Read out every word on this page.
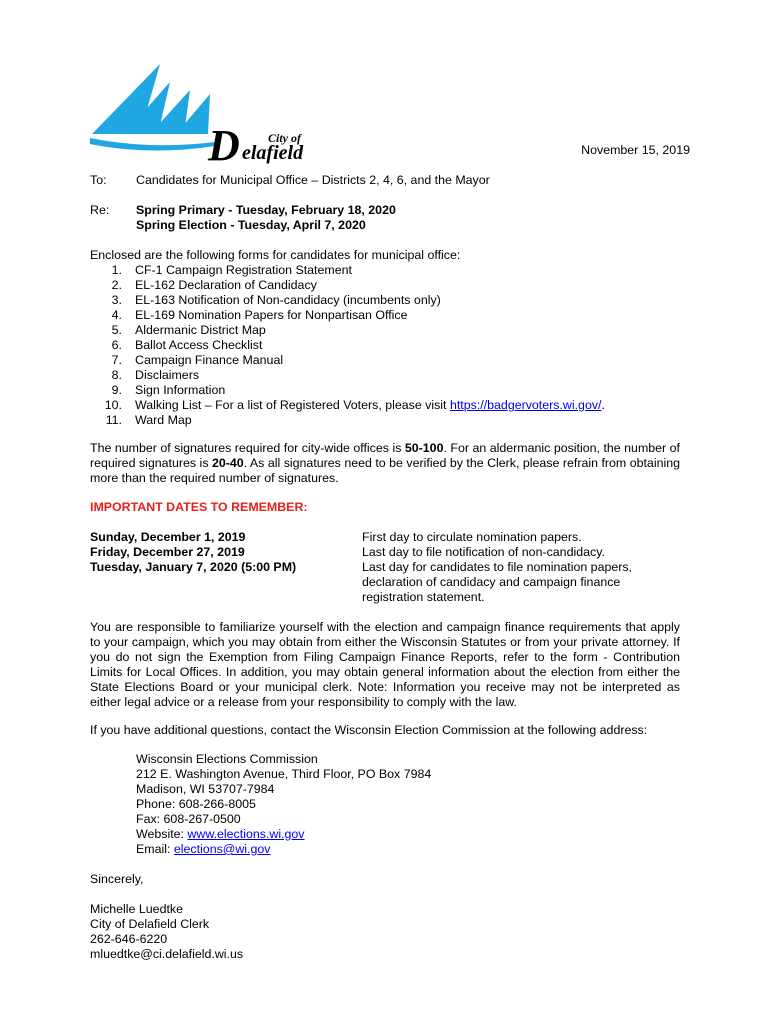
City of
D elafield	November 15, 2019
To: Candidates for Municipal Office – Districts 2, 4, 6, and the Mayor
Re: Spring Primary - Tuesday, February 18, 2020
Spring Election - Tuesday, April 7, 2020
Enclosed are the following forms for candidates for municipal office:
1. CF-1 Campaign Registration Statement
2. EL-162 Declaration of Candidacy
3. EL-163 Notification of Non-candidacy (incumbents only)
4. EL-169 Nomination Papers for Nonpartisan Office
5. Aldermanic District Map
6. Ballot Access Checklist
7. Campaign Finance Manual
8. Disclaimers
9. Sign Information
10. Walking List – For a list of Registered Voters, please visit https://badgervoters.wi.gov/.
11. Ward Map
The number of signatures required for city-wide offices is 50-100. For an aldermanic position, the number of required signatures is 20-40. As all signatures need to be verified by the Clerk, please refrain from obtaining more than the required number of signatures.
IMPORTANT DATES TO REMEMBER:
Sunday, December 1, 2019	First day to circulate nomination papers.
Friday, December 27, 2019	Last day to file notification of non-candidacy.
Tuesday, January 7, 2020 (5:00 PM)	Last day for candidates to file nomination papers, declaration of candidacy and campaign finance registration statement.
You are responsible to familiarize yourself with the election and campaign finance requirements that apply to your campaign, which you may obtain from either the Wisconsin Statutes or from your private attorney. If you do not sign the Exemption from Filing Campaign Finance Reports, refer to the form - Contribution Limits for Local Offices. In addition, you may obtain general information about the election from either the State Elections Board or your municipal clerk. Note: Information you receive may not be interpreted as either legal advice or a release from your responsibility to comply with the law.
If you have additional questions, contact the Wisconsin Election Commission at the following address:
Wisconsin Elections Commission
212 E. Washington Avenue, Third Floor, PO Box 7984
Madison, WI 53707-7984
Phone: 608-266-8005
Fax: 608-267-0500
Website: www.elections.wi.gov
Email: elections@wi.gov
Sincerely,
Michelle Luedtke
City of Delafield Clerk
262-646-6220
mluedtke@ci.delafield.wi.us
